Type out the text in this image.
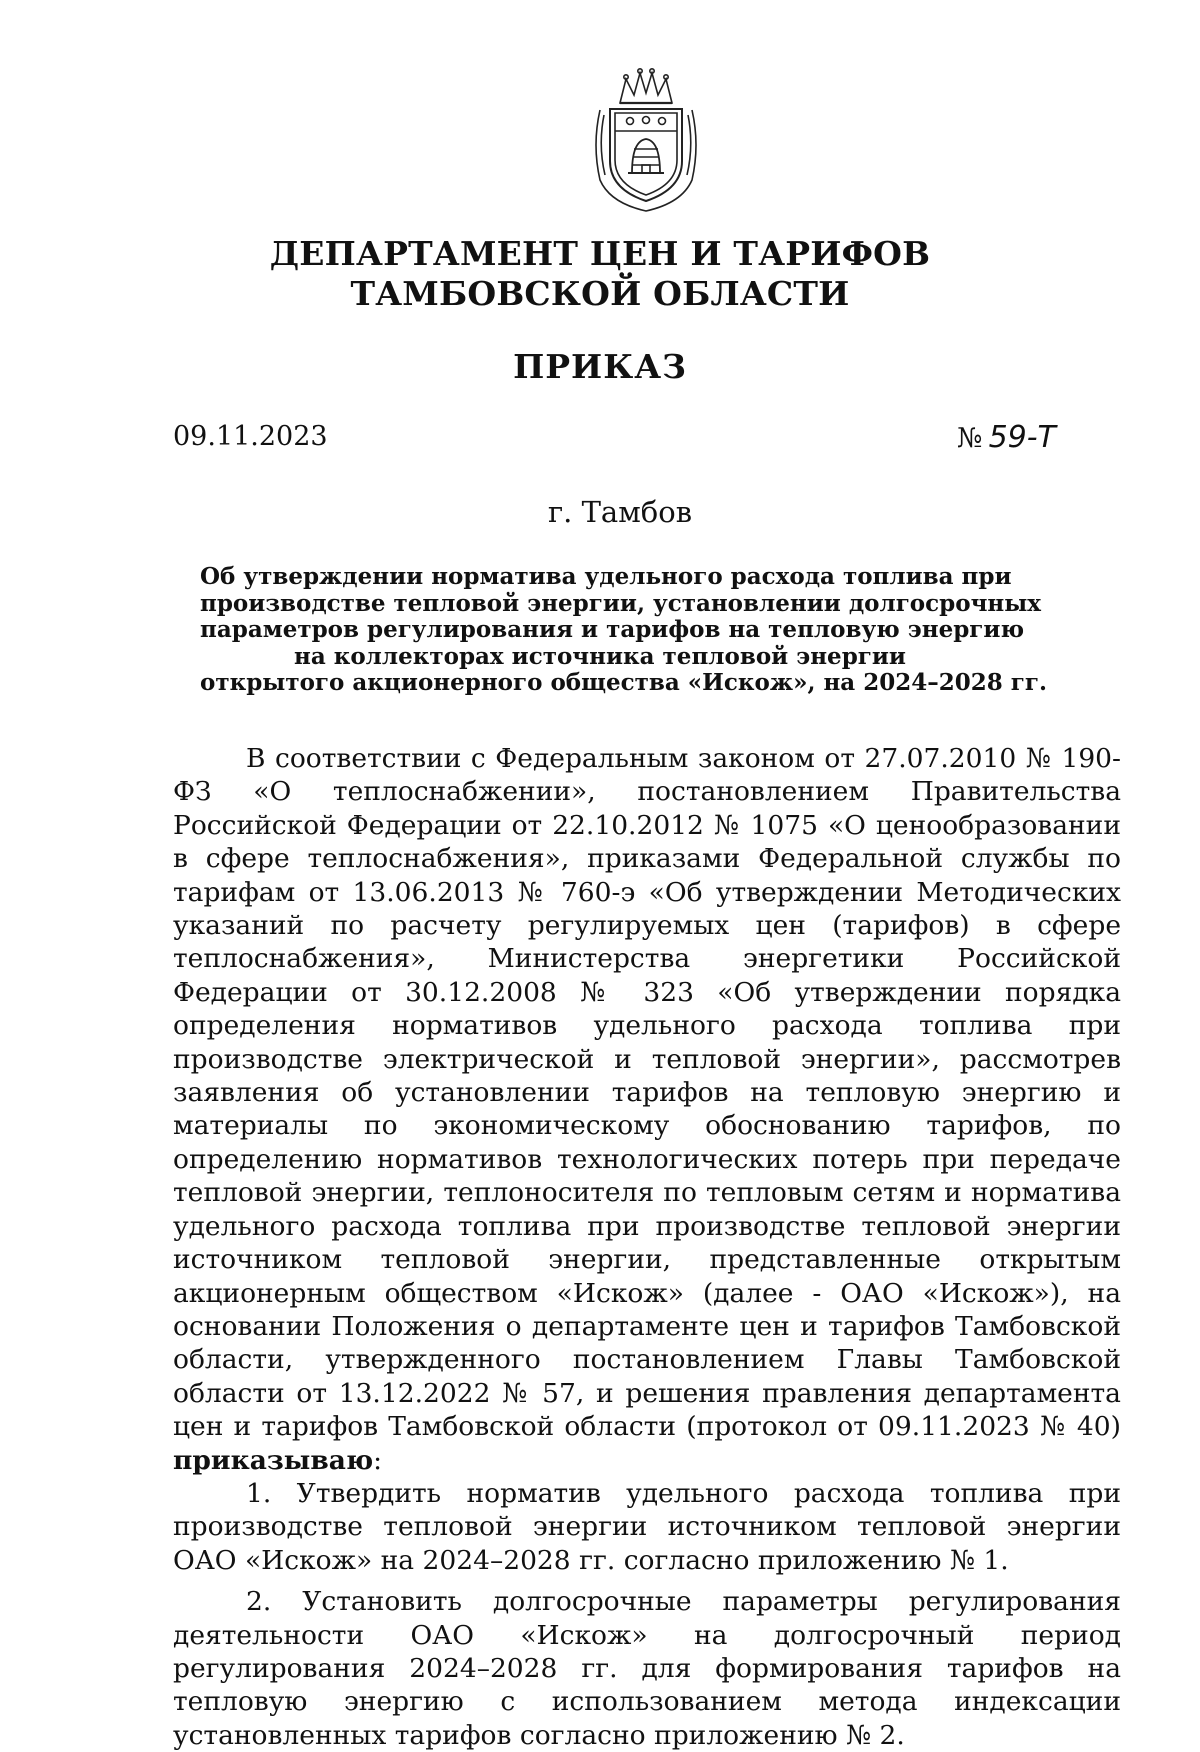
ДЕПАРТАМЕНТ ЦЕН И ТАРИФОВ
ТАМБОВСКОЙ ОБЛАСТИ
ПРИКАЗ
09.11.2023	№ 59-Т
г. Тамбов
Об утверждении норматива удельного расхода топлива при
производстве тепловой энергии, установлении долгосрочных
параметров регулирования и тарифов на тепловую энергию
на коллекторах источника тепловой энергии
открытого акционерного общества «Искож», на 2024–2028 гг.

В соответствии с Федеральным законом от 27.07.2010 № 190-ФЗ «О теплоснабжении», постановлением Правительства Российской Федерации от 22.10.2012 № 1075 «О ценообразовании в сфере теплоснабжения», приказами Федеральной службы по тарифам от 13.06.2013 № 760-э «Об утверждении Методических указаний по расчету регулируемых цен (тарифов) в сфере теплоснабжения», Министерства энергетики Российской Федерации от 30.12.2008 № 323 «Об утверждении порядка определения нормативов удельного расхода топлива при производстве электрической и тепловой энергии», рассмотрев заявления об установлении тарифов на тепловую энергию и материалы по экономическому обоснованию тарифов, по определению нормативов технологических потерь при передаче тепловой энергии, теплоносителя по тепловым сетям и норматива удельного расхода топлива при производстве тепловой энергии источником тепловой энергии, представленные открытым акционерным обществом «Искож» (далее - ОАО «Искож»), на основании Положения о департаменте цен и тарифов Тамбовской области, утвержденного постановлением Главы Тамбовской области от 13.12.2022 № 57, и решения правления департамента цен и тарифов Тамбовской области (протокол от 09.11.2023 № 40) приказываю:

1. Утвердить норматив удельного расхода топлива при производстве тепловой энергии источником тепловой энергии ОАО «Искож» на 2024–2028 гг. согласно приложению № 1.

2. Установить долгосрочные параметры регулирования деятельности ОАО «Искож» на долгосрочный период регулирования 2024–2028 гг. для формирования тарифов на тепловую энергию с использованием метода индексации установленных тарифов согласно приложению № 2.
